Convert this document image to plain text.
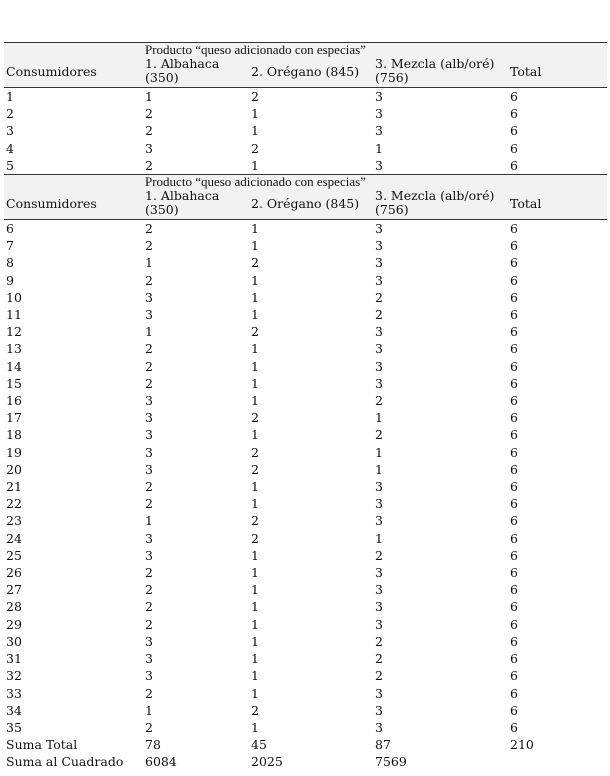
	Producto “queso adicionado con especias”			
Consumidores	1. Albahaca (350)	2. Orégano (845)	3. Mezcla (alb/oré) (756)	Total
1	1	2	3	6
2	2	1	3	6
3	2	1	3	6
4	3	2	1	6
5	2	1	3	6
	Producto “queso adicionado con especias”			
Consumidores	1. Albahaca (350)	2. Orégano (845)	3. Mezcla (alb/oré) (756)	Total
6	2	1	3	6
7	2	1	3	6
8	1	2	3	6
9	2	1	3	6
10	3	1	2	6
11	3	1	2	6
12	1	2	3	6
13	2	1	3	6
14	2	1	3	6
15	2	1	3	6
16	3	1	2	6
17	3	2	1	6
18	3	1	2	6
19	3	2	1	6
20	3	2	1	6
21	2	1	3	6
22	2	1	3	6
23	1	2	3	6
24	3	2	1	6
25	3	1	2	6
26	2	1	3	6
27	2	1	3	6
28	2	1	3	6
29	2	1	3	6
30	3	1	2	6
31	3	1	2	6
32	3	1	2	6
33	2	1	3	6
34	1	2	3	6
35	2	1	3	6
Suma Total	78	45	87	210
Suma al Cuadrado	6084	2025	7569	
